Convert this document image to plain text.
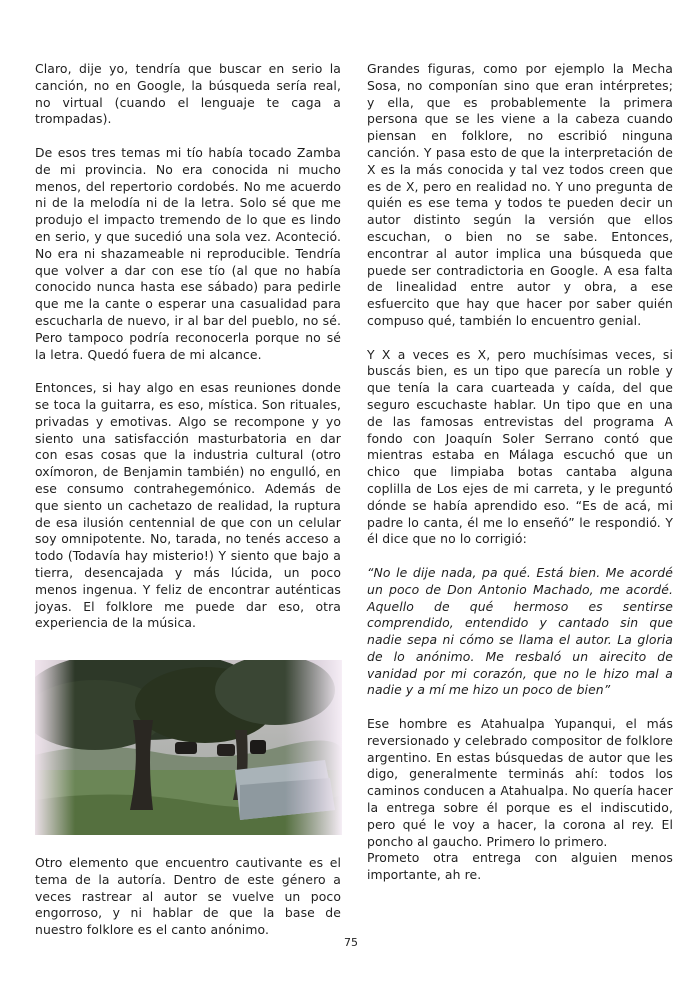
Claro, dije yo, tendría que buscar en serio la canción, no en Google, la búsqueda sería real, no virtual (cuando el lenguaje te caga a trompadas).

De esos tres temas mi tío había tocado Zamba de mi provincia. No era conocida ni mucho menos, del repertorio cordobés. No me acuerdo ni de la melodía ni de la letra. Solo sé que me produjo el impacto tremendo de lo que es lindo en serio, y que sucedió una sola vez. Aconteció. No era ni shazameable ni reproducible. Tendría que volver a dar con ese tío (al que no había conocido nunca hasta ese sábado) para pedirle que me la cante o esperar una casualidad para escucharla de nuevo, ir al bar del pueblo, no sé. Pero tampoco podría reconocerla porque no sé la letra. Quedó fuera de mi alcance.

Entonces, si hay algo en esas reuniones donde se toca la guitarra, es eso, mística. Son rituales, privadas y emotivas. Algo se recompone y yo siento una satisfacción masturbatoria en dar con esas cosas que la industria cultural (otro oxímoron, de Benjamin también) no engulló, en ese consumo contrahegemónico. Además de que siento un cachetazo de realidad, la ruptura de esa ilusión centennial de que con un celular soy omnipotente. No, tarada, no tenés acceso a todo (Todavía hay misterio!) Y siento que bajo a tierra, desencajada y más lúcida, un poco menos ingenua. Y feliz de encontrar auténticas joyas. El folklore me puede dar eso, otra experiencia de la música.

Otro elemento que encuentro cautivante es el tema de la autoría. Dentro de este género a veces rastrear al autor se vuelve un poco engorroso, y ni hablar de que la base de nuestro folklore es el canto anónimo.

Grandes figuras, como por ejemplo la Mecha Sosa, no componían sino que eran intérpretes; y ella, que es probablemente la primera persona que se les viene a la cabeza cuando piensan en folklore, no escribió ninguna canción. Y pasa esto de que la interpretación de X es la más conocida y tal vez todos creen que es de X, pero en realidad no. Y uno pregunta de quién es ese tema y todos te pueden decir un autor distinto según la versión que ellos escuchan, o bien no se sabe. Entonces, encontrar al autor implica una búsqueda que puede ser contradictoria en Google. A esa falta de linealidad entre autor y obra, a ese esfuercito que hay que hacer por saber quién compuso qué, también lo encuentro genial.

Y X a veces es X, pero muchísimas veces, si buscás bien, es un tipo que parecía un roble y que tenía la cara cuarteada y caída, del que seguro escuchaste hablar. Un tipo que en una de las famosas entrevistas del programa A fondo con Joaquín Soler Serrano contó que mientras estaba en Málaga escuchó que un chico que limpiaba botas cantaba alguna coplilla de Los ejes de mi carreta, y le preguntó dónde se había aprendido eso. “Es de acá, mi padre lo canta, él me lo enseñó” le respondió. Y él dice que no lo corrigió:

“No le dije nada, pa qué. Está bien. Me acordé un poco de Don Antonio Machado, me acordé. Aquello de qué hermoso es sentirse comprendido, entendido y cantado sin que nadie sepa ni cómo se llama el autor. La gloria de lo anónimo. Me resbaló un airecito de vanidad por mi corazón, que no le hizo mal a nadie y a mí me hizo un poco de bien”

Ese hombre es Atahualpa Yupanqui, el más reversionado y celebrado compositor de folklore argentino. En estas búsquedas de autor que les digo, generalmente terminás ahí: todos los caminos conducen a Atahualpa. No quería hacer la entrega sobre él porque es el indiscutido, pero qué le voy a hacer, la corona al rey. El poncho al gaucho. Primero lo primero.

Prometo otra entrega con alguien menos importante, ah re.

75
